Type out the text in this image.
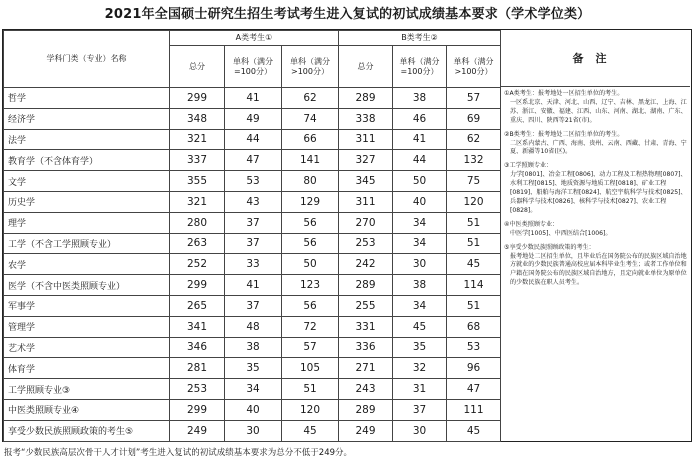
2021年全国硕士研究生招生考试考生进入复试的初试成绩基本要求（学术学位类）
学科门类（专业）名称	A类考生①			B类考生②		
	总分	单科（满分=100分）	单科（满分>100分）	总分	单科（满分=100分）	单科（满分>100分）
哲学	299	41	62	289	38	57
经济学	348	49	74	338	46	69
法学	321	44	66	311	41	62
教育学（不含体育学）	337	47	141	327	44	132
文学	355	53	80	345	50	75
历史学	321	43	129	311	40	120
理学	280	37	56	270	34	51
工学（不含工学照顾专业）	263	37	56	253	34	51
农学	252	33	50	242	30	45
医学（不含中医类照顾专业）	299	41	123	289	38	114
军事学	265	37	56	255	34	51
管理学	341	48	72	331	45	68
艺术学	346	38	57	336	35	53
体育学	281	35	105	271	32	96
工学照顾专业③	253	34	51	243	31	47
中医类照顾专业④	299	40	120	289	37	111
享受少数民族照顾政策的考生⑤	249	30	45	249	30	45
备注
①A类考生：报考地处一区招生单位的考生。
一区系北京、天津、河北、山西、辽宁、吉林、黑龙江、上海、江苏、浙江、安徽、福建、江西、山东、河南、湖北、湖南、广东、重庆、四川、陕西等21省(市)。
②B类考生：报考地处二区招生单位的考生。
二区系内蒙古、广西、海南、贵州、云南、西藏、甘肃、青海、宁夏、新疆等10省(区)。
③工学照顾专业：
力学[0801]、冶金工程[0806]、动力工程及工程热物理[0807]、水利工程[0815]、地质资源与地质工程[0818]、矿业工程[0819]、船舶与海洋工程[0824]、航空宇航科学与技术[0825]、兵器科学与技术[0826]、核科学与技术[0827]、农业工程[0828]。
④中医类照顾专业：
中医学[1005]、中西医结合[1006]。
⑤享受少数民族照顾政策的考生：
报考地处二区招生单位，且毕业后在国务院公布的民族区域自治地方就业的少数民族普通高校应届本科毕业生考生；或者工作单位和户籍在国务院公布的民族区域自治地方，且定向就业单位为原单位的少数民族在职人员考生。
报考“少数民族高层次骨干人才计划”考生进入复试的初试成绩基本要求为总分不低于249分。
